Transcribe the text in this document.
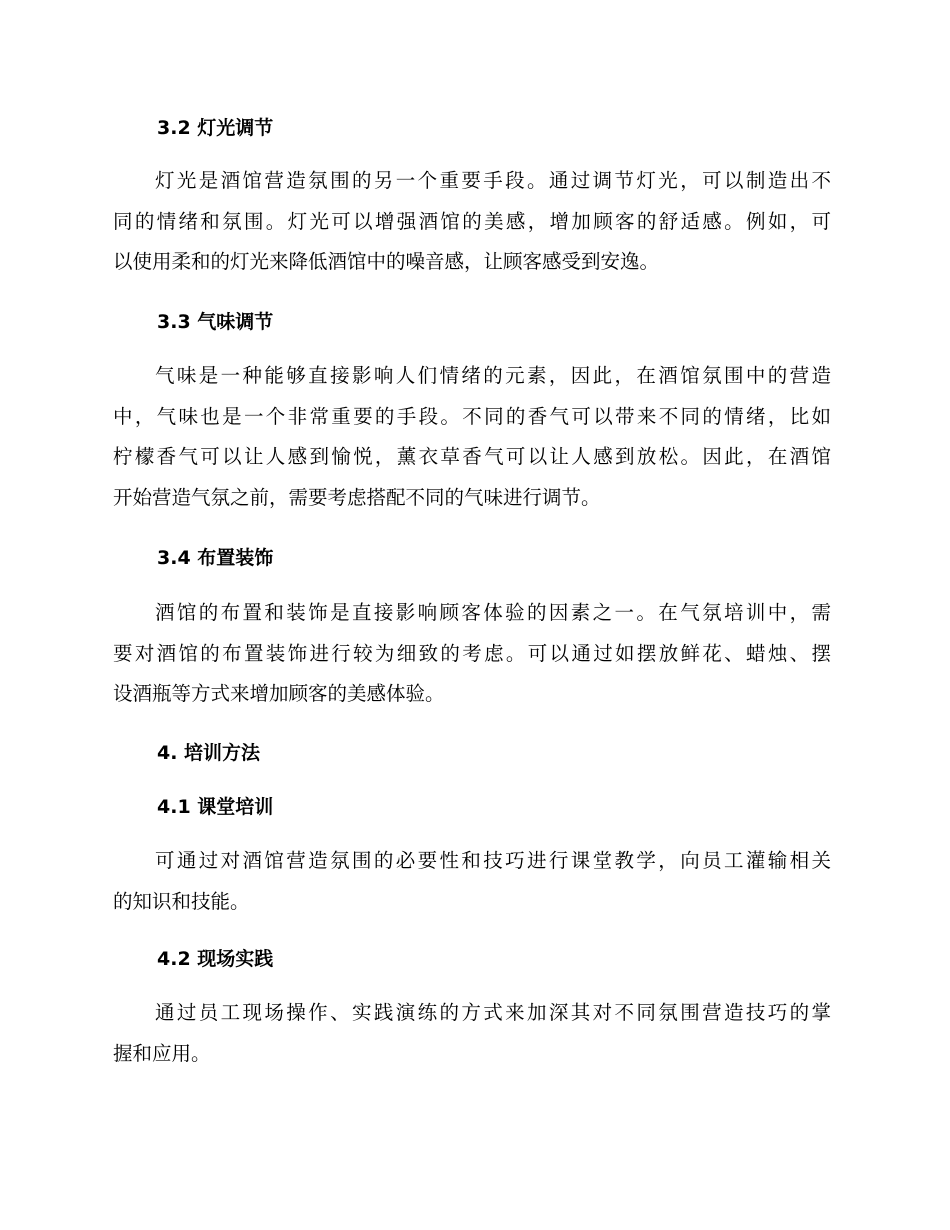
3.2 灯光调节

灯光是酒馆营造氛围的另一个重要手段。通过调节灯光，可以制造出不
同的情绪和氛围。灯光可以增强酒馆的美感，增加顾客的舒适感。例如，可
以使用柔和的灯光来降低酒馆中的噪音感，让顾客感受到安逸。

3.3 气味调节

气味是一种能够直接影响人们情绪的元素，因此，在酒馆氛围中的营造
中，气味也是一个非常重要的手段。不同的香气可以带来不同的情绪，比如
柠檬香气可以让人感到愉悦，薰衣草香气可以让人感到放松。因此，在酒馆
开始营造气氛之前，需要考虑搭配不同的气味进行调节。

3.4 布置装饰

酒馆的布置和装饰是直接影响顾客体验的因素之一。在气氛培训中，需
要对酒馆的布置装饰进行较为细致的考虑。可以通过如摆放鲜花、蜡烛、摆
设酒瓶等方式来增加顾客的美感体验。

4. 培训方法
4.1 课堂培训

可通过对酒馆营造氛围的必要性和技巧进行课堂教学，向员工灌输相关
的知识和技能。

4.2 现场实践

通过员工现场操作、实践演练的方式来加深其对不同氛围营造技巧的掌
握和应用。
